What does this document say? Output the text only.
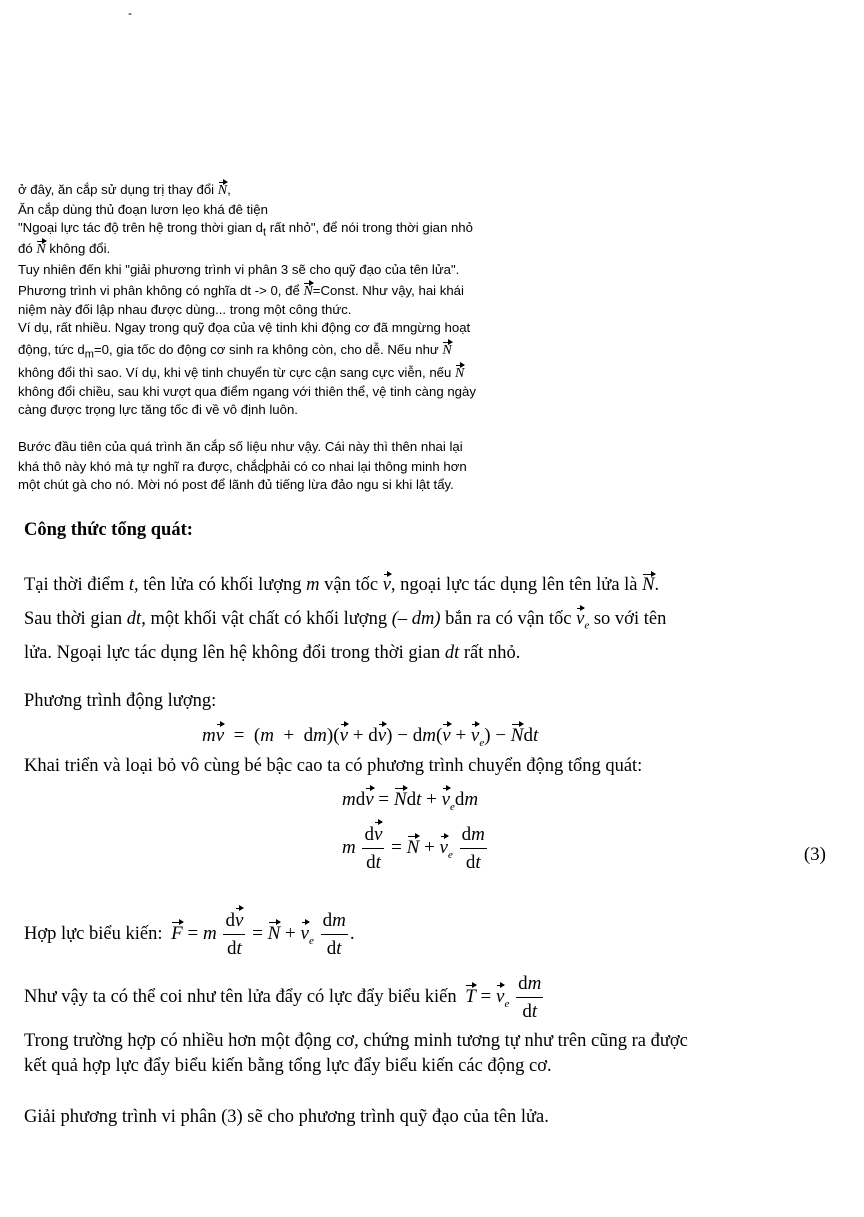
-
ở đây, ăn cắp sử dụng trị thay đổi N,
Ăn cắp dùng thủ đoạn lươn lẹo khá đê tiện
"Ngoại lực tác độ trên hệ trong thời gian $d_t$ rất nhỏ", để nói trong thời gian nhỏ
đó N không đổi.
Tuy nhiên đến khi "giải phương trình vi phân 3 sẽ cho quỹ đạo của tên lửa".
Phương trình vi phân không có nghĩa dt -> 0, để N=Const. Như vậy, hai khái
niệm này đối lập nhau được dùng... trong một công thức.
Ví dụ, rất nhiều. Ngay trong quỹ đọa của vệ tinh khi động cơ đã mngừng hoạt
động, tức $d_m=0$, gia tốc do động cơ sinh ra không còn, cho dễ. Nếu như N
không đổi thì sao. Ví dụ, khi vệ tinh chuyển từ cực cận sang cực viễn, nếu N
không đổi chiều, sau khi vượt qua điểm ngang với thiên thể, vệ tinh càng ngày
càng được trọng lực tăng tốc đi về vô định luôn.
Bước đầu tiên của quá trình ăn cắp số liệu như vậy. Cái này thì thên nhai lại
khá thô này khó mà tự nghĩ ra được, chắcphải có co nhai lại thông minh hơn
một chút gà cho nó. Mời nó post để lãnh đủ tiếng lừa đảo ngu si khi lật tẩy.
Công thức tổng quát:
Tại thời điểm t, tên lửa có khối lượng m vận tốc v, ngoại lực tác dụng lên tên lửa là N.
Sau thời gian dt, một khối vật chất có khối lượng (– dm) bắn ra có vận tốc $v_e$ so với tên
lửa. Ngoại lực tác dụng lên hệ không đổi trong thời gian dt rất nhỏ.
Phương trình động lượng:
mv  =  $(m + dm)(v + dv) - dm(v + v_e)$ − Ndt
Khai triển và loại bỏ vô cùng bé bậc cao ta có phương trình chuyển động tổng quát:
mdv = Ndt + $v_edm$
m $\frac{dv}{dt} = N + v_e \frac{dm}{dt}$	(3)
Hợp lực biểu kiến: F = m $\frac{dv}{dt} = N + v_e \frac{dm}{dt}$ .
Như vậy ta có thể coi như tên lửa đẩy có lực đẩy biểu kiến $T = v_e \frac{dm}{dt}$
Trong trường hợp có nhiều hơn một động cơ, chứng minh tương tự như trên cũng ra được
kết quả hợp lực đẩy biểu kiến bằng tổng lực đẩy biểu kiến các động cơ.
Giải phương trình vi phân (3) sẽ cho phương trình quỹ đạo của tên lửa.
